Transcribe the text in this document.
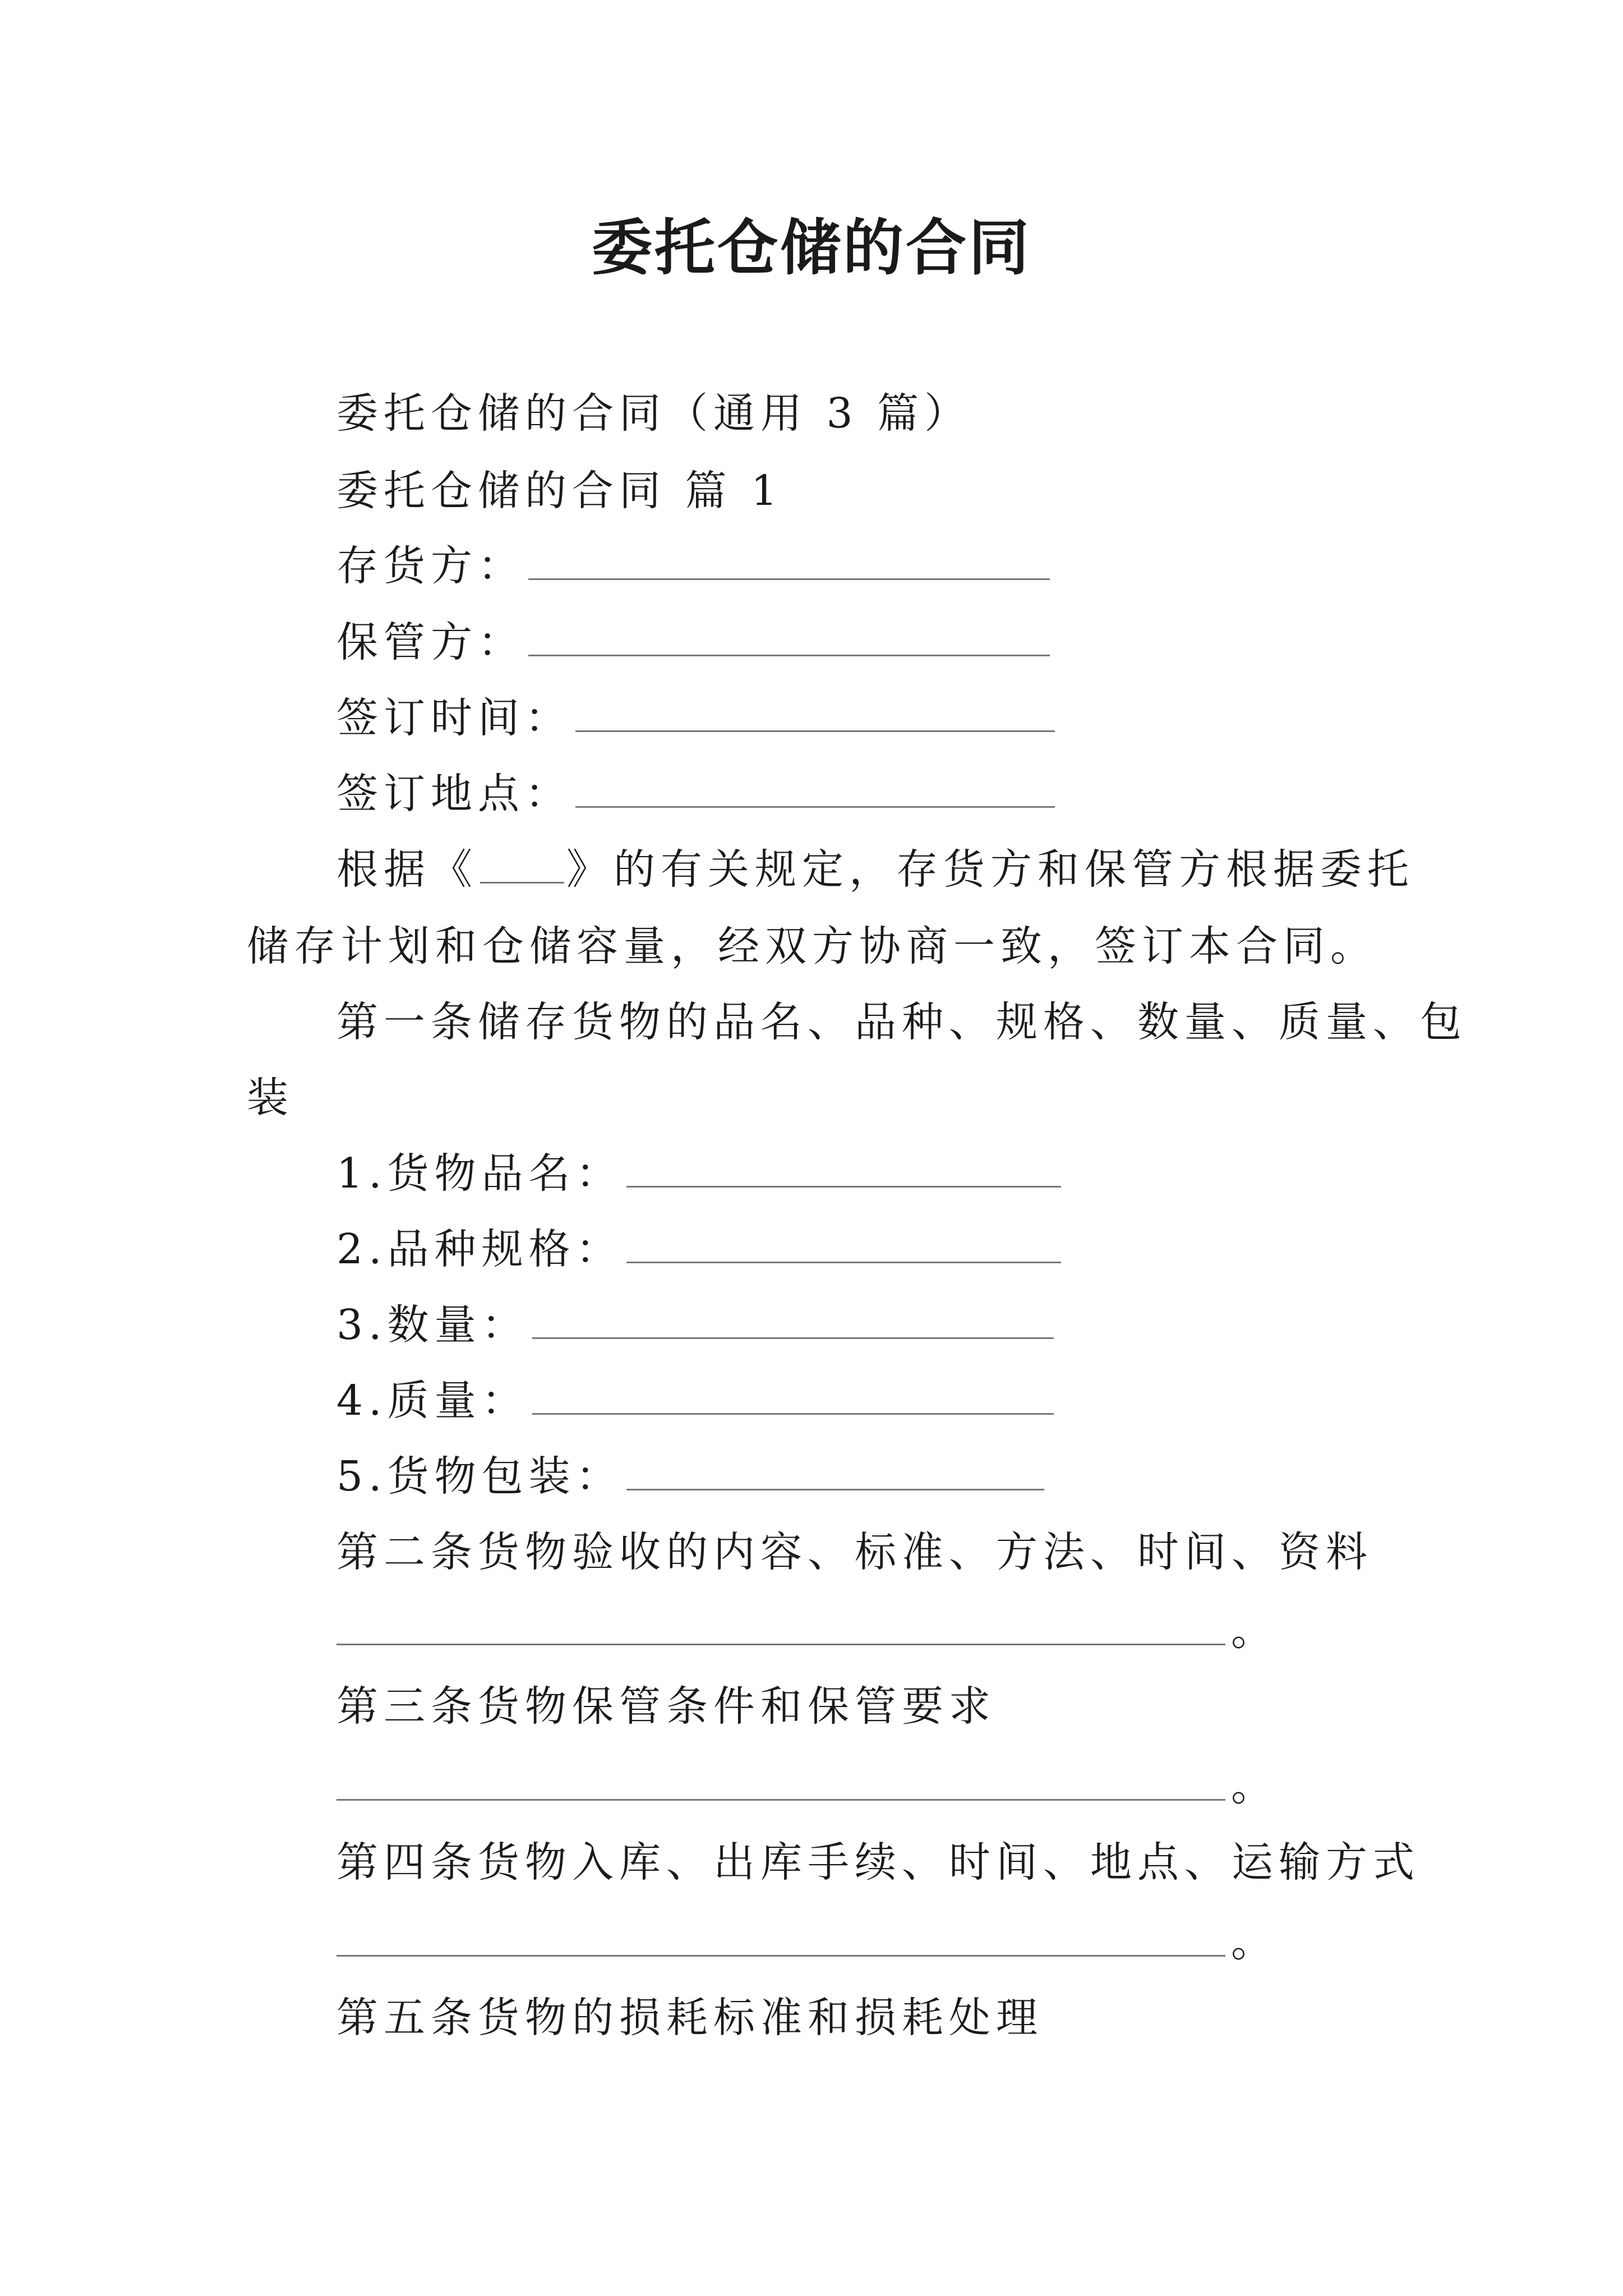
委托仓储的合同
委托仓储的合同（通用 3 篇）
委托仓储的合同 篇 1
存货方：
保管方：
签订时间：
签订地点：
根据《 》的有关规定，存货方和保管方根据委托
储存计划和仓储容量，经双方协商一致，签订本合同。
第一条储存货物的品名、品种、规格、数量、质量、包
装
1.货物品名：
2.品种规格：
3.数量：
4.质量：
5.货物包装：
第二条货物验收的内容、标准、方法、时间、资料
。
第三条货物保管条件和保管要求
。
第四条货物入库、出库手续、时间、地点、运输方式
。
第五条货物的损耗标准和损耗处理
